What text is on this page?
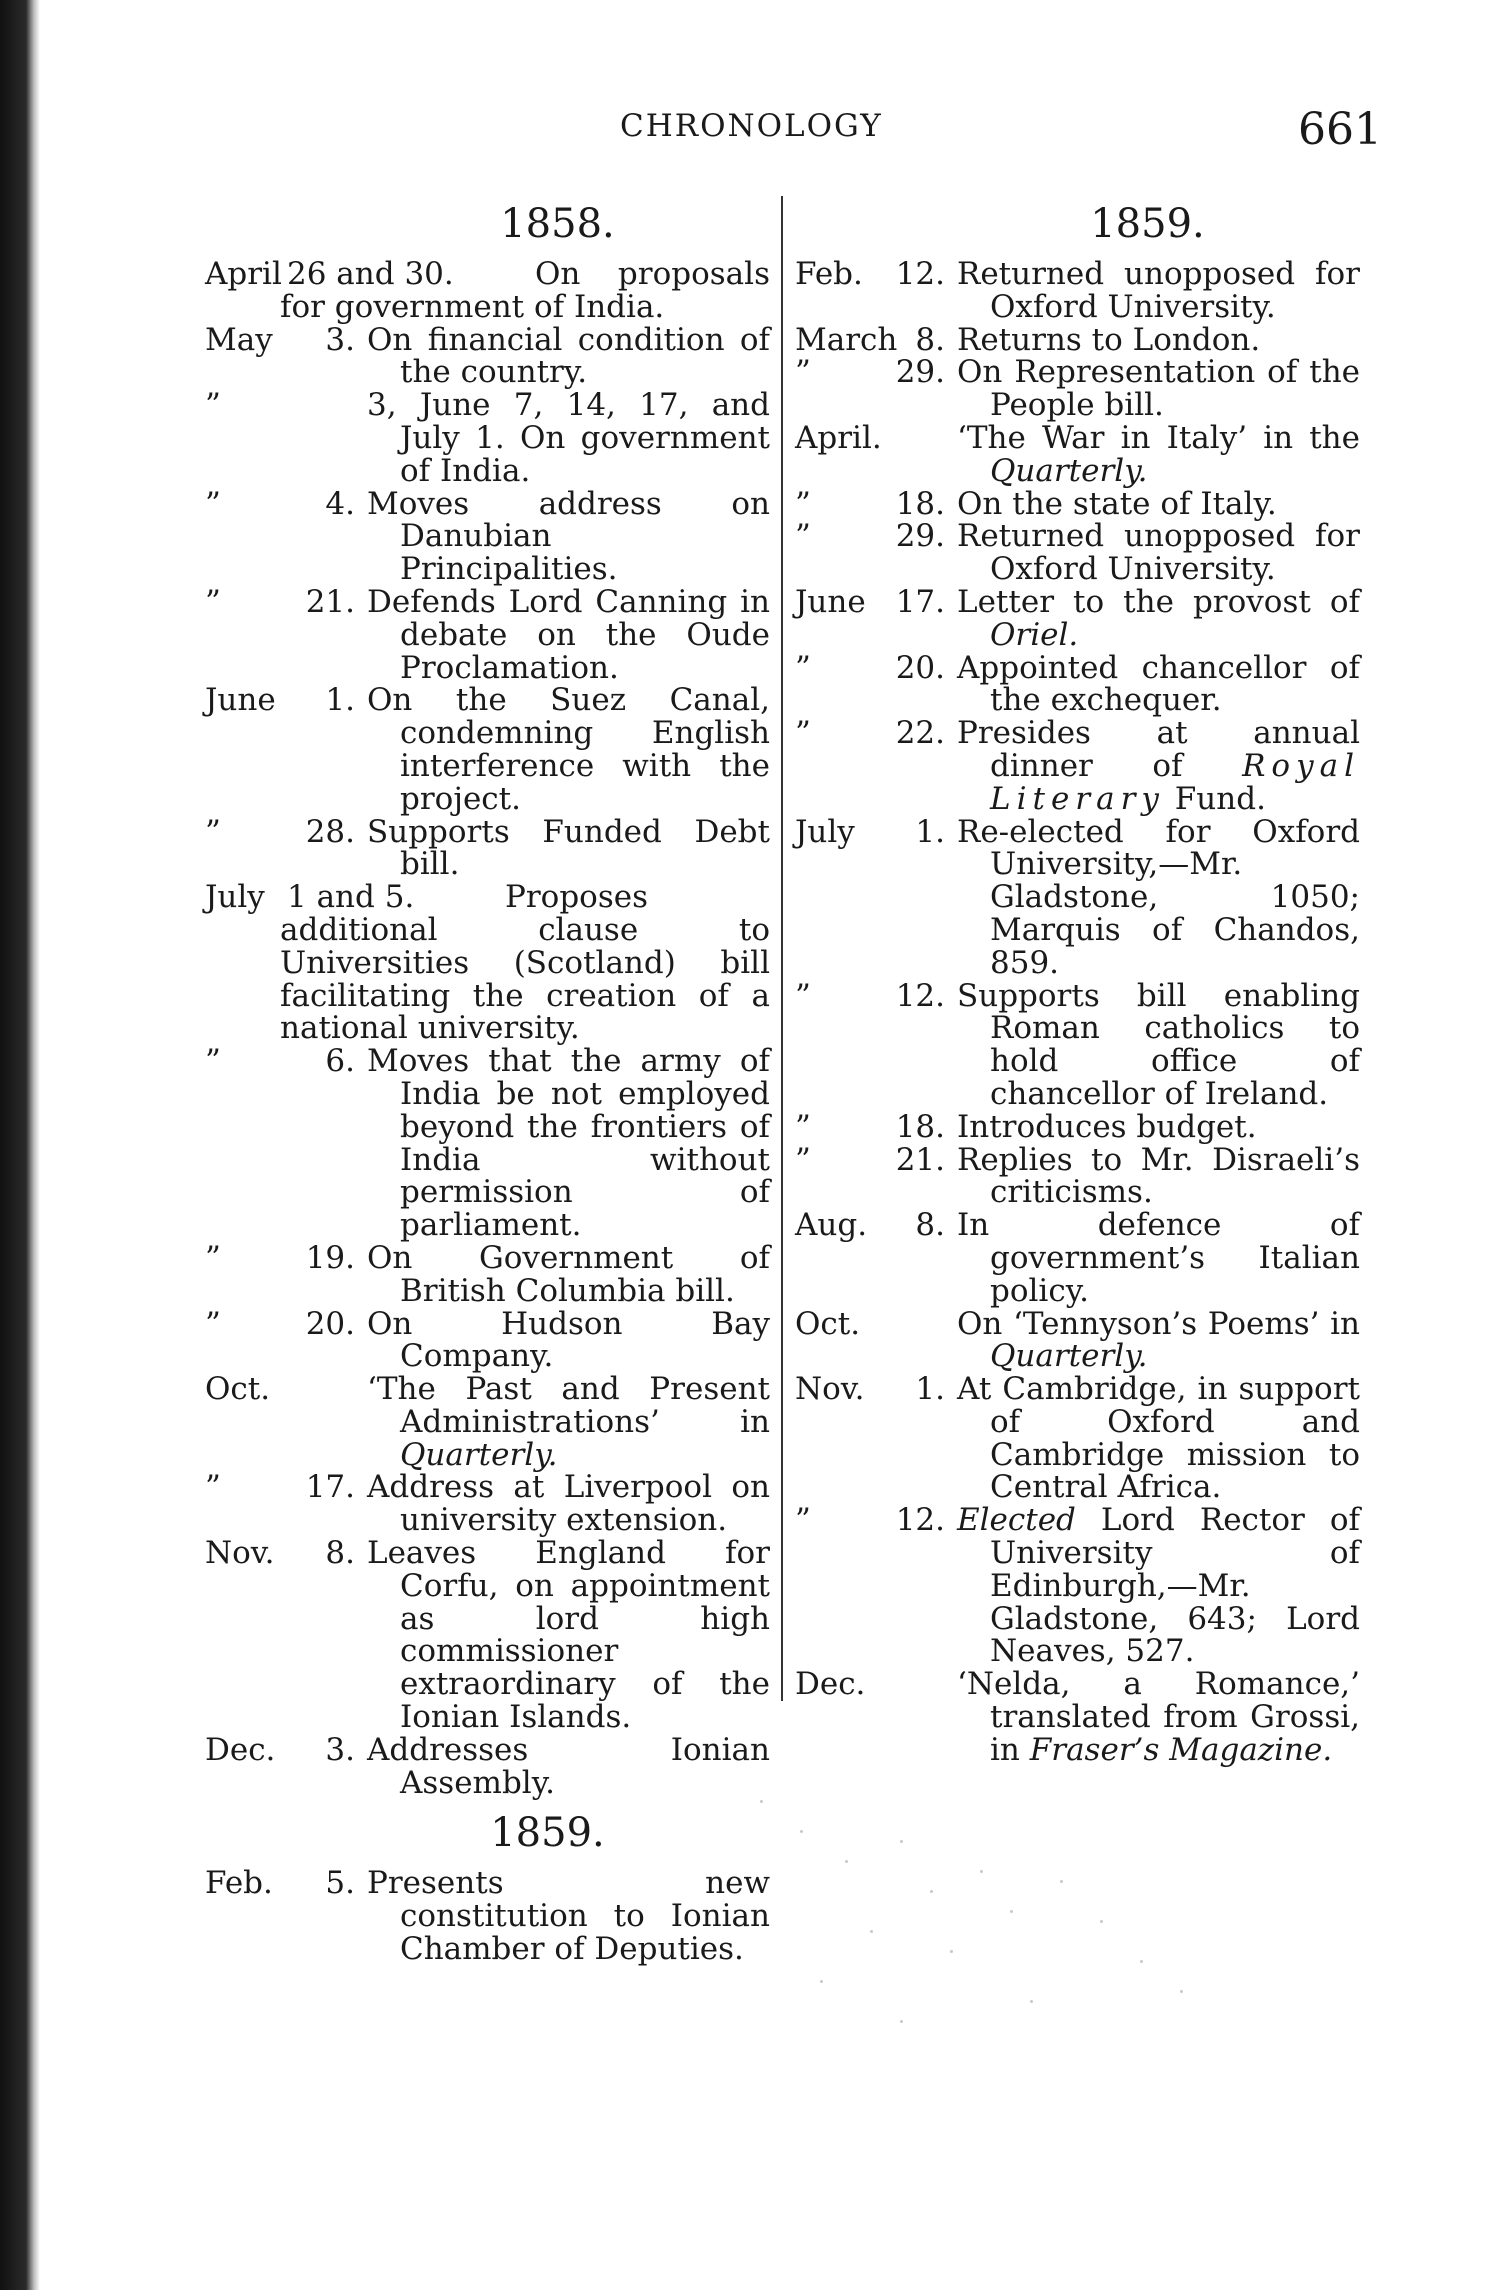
CHRONOLOGY	661
1858.
April 26 and 30.	On proposals for government of India.
May	3. On financial condition of the country.
”	3, June 7, 14, 17, and July 1. On government of India.
”	4. Moves address on Danubian Principalities.
”	21. Defends Lord Canning in debate on the Oude Proclamation.
June	1. On the Suez Canal, condemning English interference with the project.
”	28. Supports Funded Debt bill.
July 1 and 5.	Proposes additional clause to Universities (Scotland) bill facilitating the creation of a national university.
”	6. Moves that the army of India be not employed beyond the frontiers of India without permission of parliament.
”	19. On Government of British Columbia bill.
”	20. On Hudson Bay Company.
Oct.	‘The Past and Present Administrations’ in Quarterly.
”	17. Address at Liverpool on university extension.
Nov.	8. Leaves England for Corfu, on appointment as lord high commissioner extraordinary of the Ionian Islands.
Dec.	3. Addresses Ionian Assembly.
1859.
Feb.	5. Presents new constitution to Ionian Chamber of Deputies.
1859.
Feb.	12. Returned unopposed for Oxford University.
March 8. Returns to London.
”	29. On Representation of the People bill.
April. ‘The War in Italy’ in the Quarterly.
”	18. On the state of Italy.
”	29. Returned unopposed for Oxford University.
June 17. Letter to the provost of Oriel.
”	20. Appointed chancellor of the exchequer.
”	22. Presides at annual dinner of Royal Literary Fund.
July	1. Re-elected for Oxford University,—Mr. Gladstone, 1050; Marquis of Chandos, 859.
”	12. Supports bill enabling Roman catholics to hold office of chancellor of Ireland.
”	18. Introduces budget.
”	21. Replies to Mr. Disraeli’s criticisms.
Aug.	8. In defence of government’s Italian policy.
Oct.	On ‘Tennyson’s Poems’ in Quarterly.
Nov.	1. At Cambridge, in support of Oxford and Cambridge mission to Central Africa.
”	12. Elected Lord Rector of University of Edinburgh,—Mr. Gladstone, 643; Lord Neaves, 527.
Dec.	‘Nelda, a Romance,’ translated from Grossi, in Fraser’s Magazine.
